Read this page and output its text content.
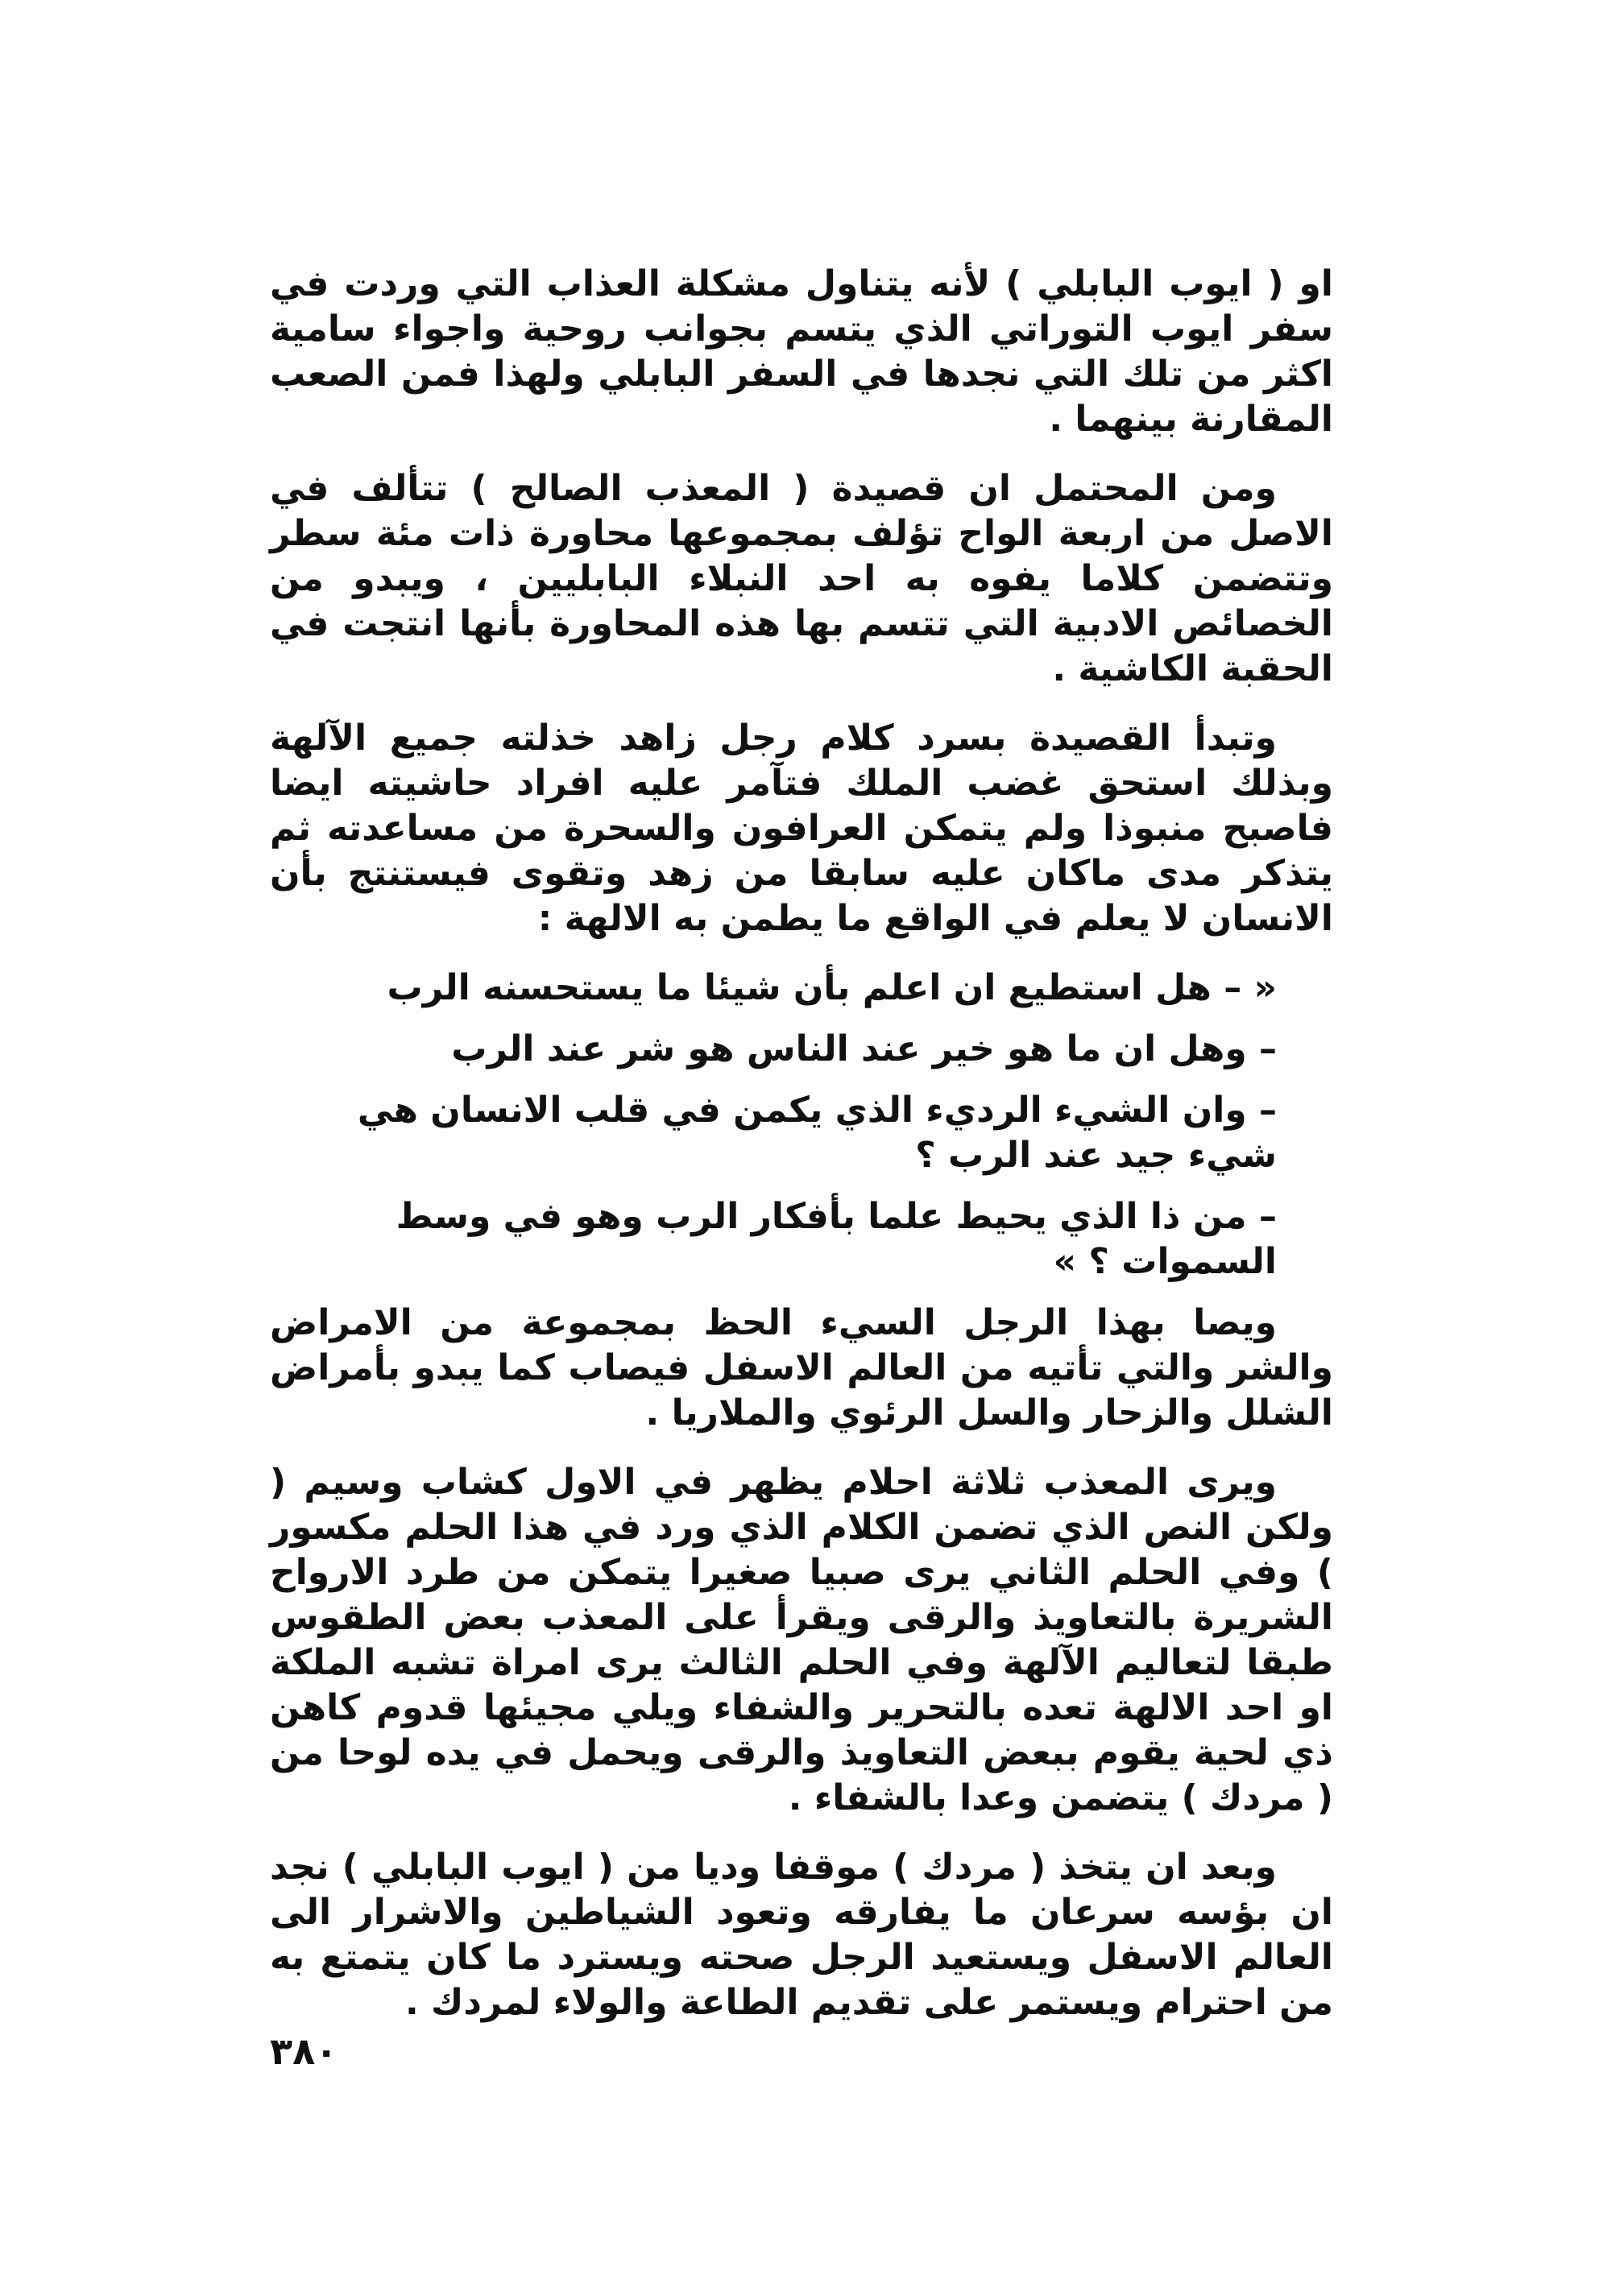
او ( ايوب البابلي ) لأنه يتناول مشكلة العذاب التي وردت في سفر ايوب التوراتي الذي يتسم بجوانب روحية واجواء سامية اكثر من تلك التي نجدها في السفر البابلي ولهذا فمن الصعب المقارنة بينهما .

ومن المحتمل ان قصيدة ( المعذب الصالح ) تتألف في الاصل من اربعة الواح تؤلف بمجموعها محاورة ذات مئة سطر وتتضمن كلاما يفوه به احد النبلاء البابليين ، ويبدو من الخصائص الادبية التي تتسم بها هذه المحاورة بأنها انتجت في الحقبة الكاشية .

وتبدأ القصيدة بسرد كلام رجل زاهد خذلته جميع الآلهة وبذلك استحق غضب الملك فتآمر عليه افراد حاشيته ايضا فاصبح منبوذا ولم يتمكن العرافون والسحرة من مساعدته ثم يتذكر مدى ماكان عليه سابقا من زهد وتقوى فيستنتج بأن الانسان لا يعلم في الواقع ما يطمن به الالهة :

« – هل استطيع ان اعلم بأن شيئا ما يستحسنه الرب

– وهل ان ما هو خير عند الناس هو شر عند الرب

– وان الشيء الرديء الذي يكمن في قلب الانسان هي شيء جيد عند الرب ؟

– من ذا الذي يحيط علما بأفكار الرب وهو في وسط السموات ؟ »

ويصا بهذا الرجل السيء الحظ بمجموعة من الامراض والشر والتي تأتيه من العالم الاسفل فيصاب كما يبدو بأمراض الشلل والزحار والسل الرئوي والملاريا .

ويرى المعذب ثلاثة احلام يظهر في الاول كشاب وسيم ( ولكن النص الذي تضمن الكلام الذي ورد في هذا الحلم مكسور ) وفي الحلم الثاني يرى صبيا صغيرا يتمكن من طرد الارواح الشريرة بالتعاويذ والرقى ويقرأ على المعذب بعض الطقوس طبقا لتعاليم الآلهة وفي الحلم الثالث يرى امراة تشبه الملكة او احد الالهة تعده بالتحرير والشفاء ويلي مجيئها قدوم كاهن ذي لحية يقوم ببعض التعاويذ والرقى ويحمل في يده لوحا من ( مردك ) يتضمن وعدا بالشفاء .

وبعد ان يتخذ ( مردك ) موقفا وديا من ( ايوب البابلي ) نجد ان بؤسه سرعان ما يفارقه وتعود الشياطين والاشرار الى العالم الاسفل ويستعيد الرجل صحته ويسترد ما كان يتمتع به من احترام ويستمر على تقديم الطاعة والولاء لمردك .

٣٨٠
